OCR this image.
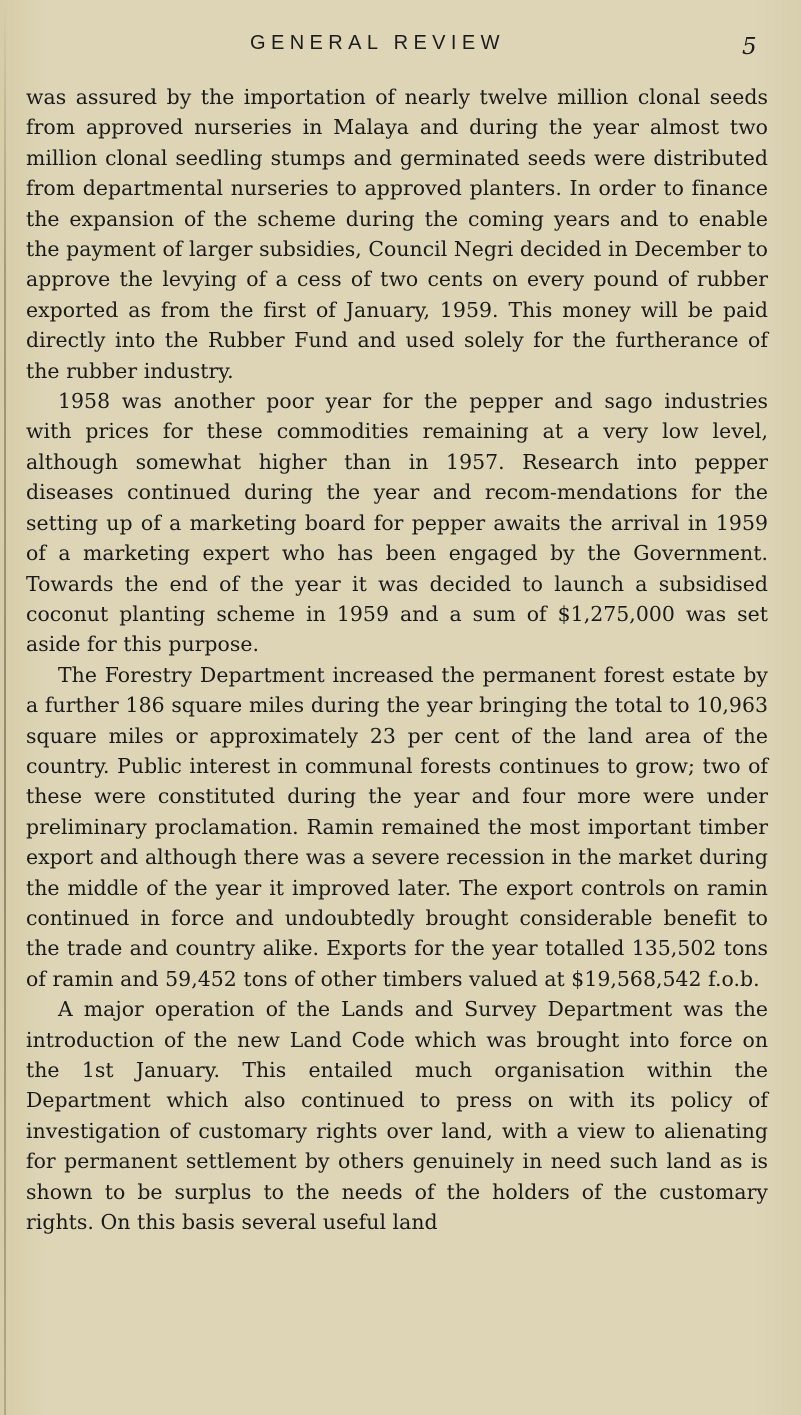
GENERAL REVIEW	5

was assured by the importation of nearly twelve million clonal seeds from approved nurseries in Malaya and during the year almost two million clonal seedling stumps and germinated seeds were distributed from departmental nurseries to approved planters. In order to finance the expansion of the scheme during the coming years and to enable the payment of larger subsidies, Council Negri decided in December to approve the levying of a cess of two cents on every pound of rubber exported as from the first of January, 1959. This money will be paid directly into the Rubber Fund and used solely for the furtherance of the rubber industry.

1958 was another poor year for the pepper and sago industries with prices for these commodities remaining at a very low level, although somewhat higher than in 1957. Research into pepper diseases continued during the year and recom-mendations for the setting up of a marketing board for pepper awaits the arrival in 1959 of a marketing expert who has been engaged by the Government. Towards the end of the year it was decided to launch a subsidised coconut planting scheme in 1959 and a sum of $1,275,000 was set aside for this purpose.

The Forestry Department increased the permanent forest estate by a further 186 square miles during the year bringing the total to 10,963 square miles or approximately 23 per cent of the land area of the country. Public interest in communal forests continues to grow; two of these were constituted during the year and four more were under preliminary proclamation. Ramin remained the most important timber export and although there was a severe recession in the market during the middle of the year it improved later. The export controls on ramin continued in force and undoubtedly brought considerable benefit to the trade and country alike. Exports for the year totalled 135,502 tons of ramin and 59,452 tons of other timbers valued at $19,568,542 f.o.b.

A major operation of the Lands and Survey Department was the introduction of the new Land Code which was brought into force on the 1st January. This entailed much organisation within the Department which also continued to press on with its policy of investigation of customary rights over land, with a view to alienating for permanent settlement by others genuinely in need such land as is shown to be surplus to the needs of the holders of the customary rights. On this basis several useful land
